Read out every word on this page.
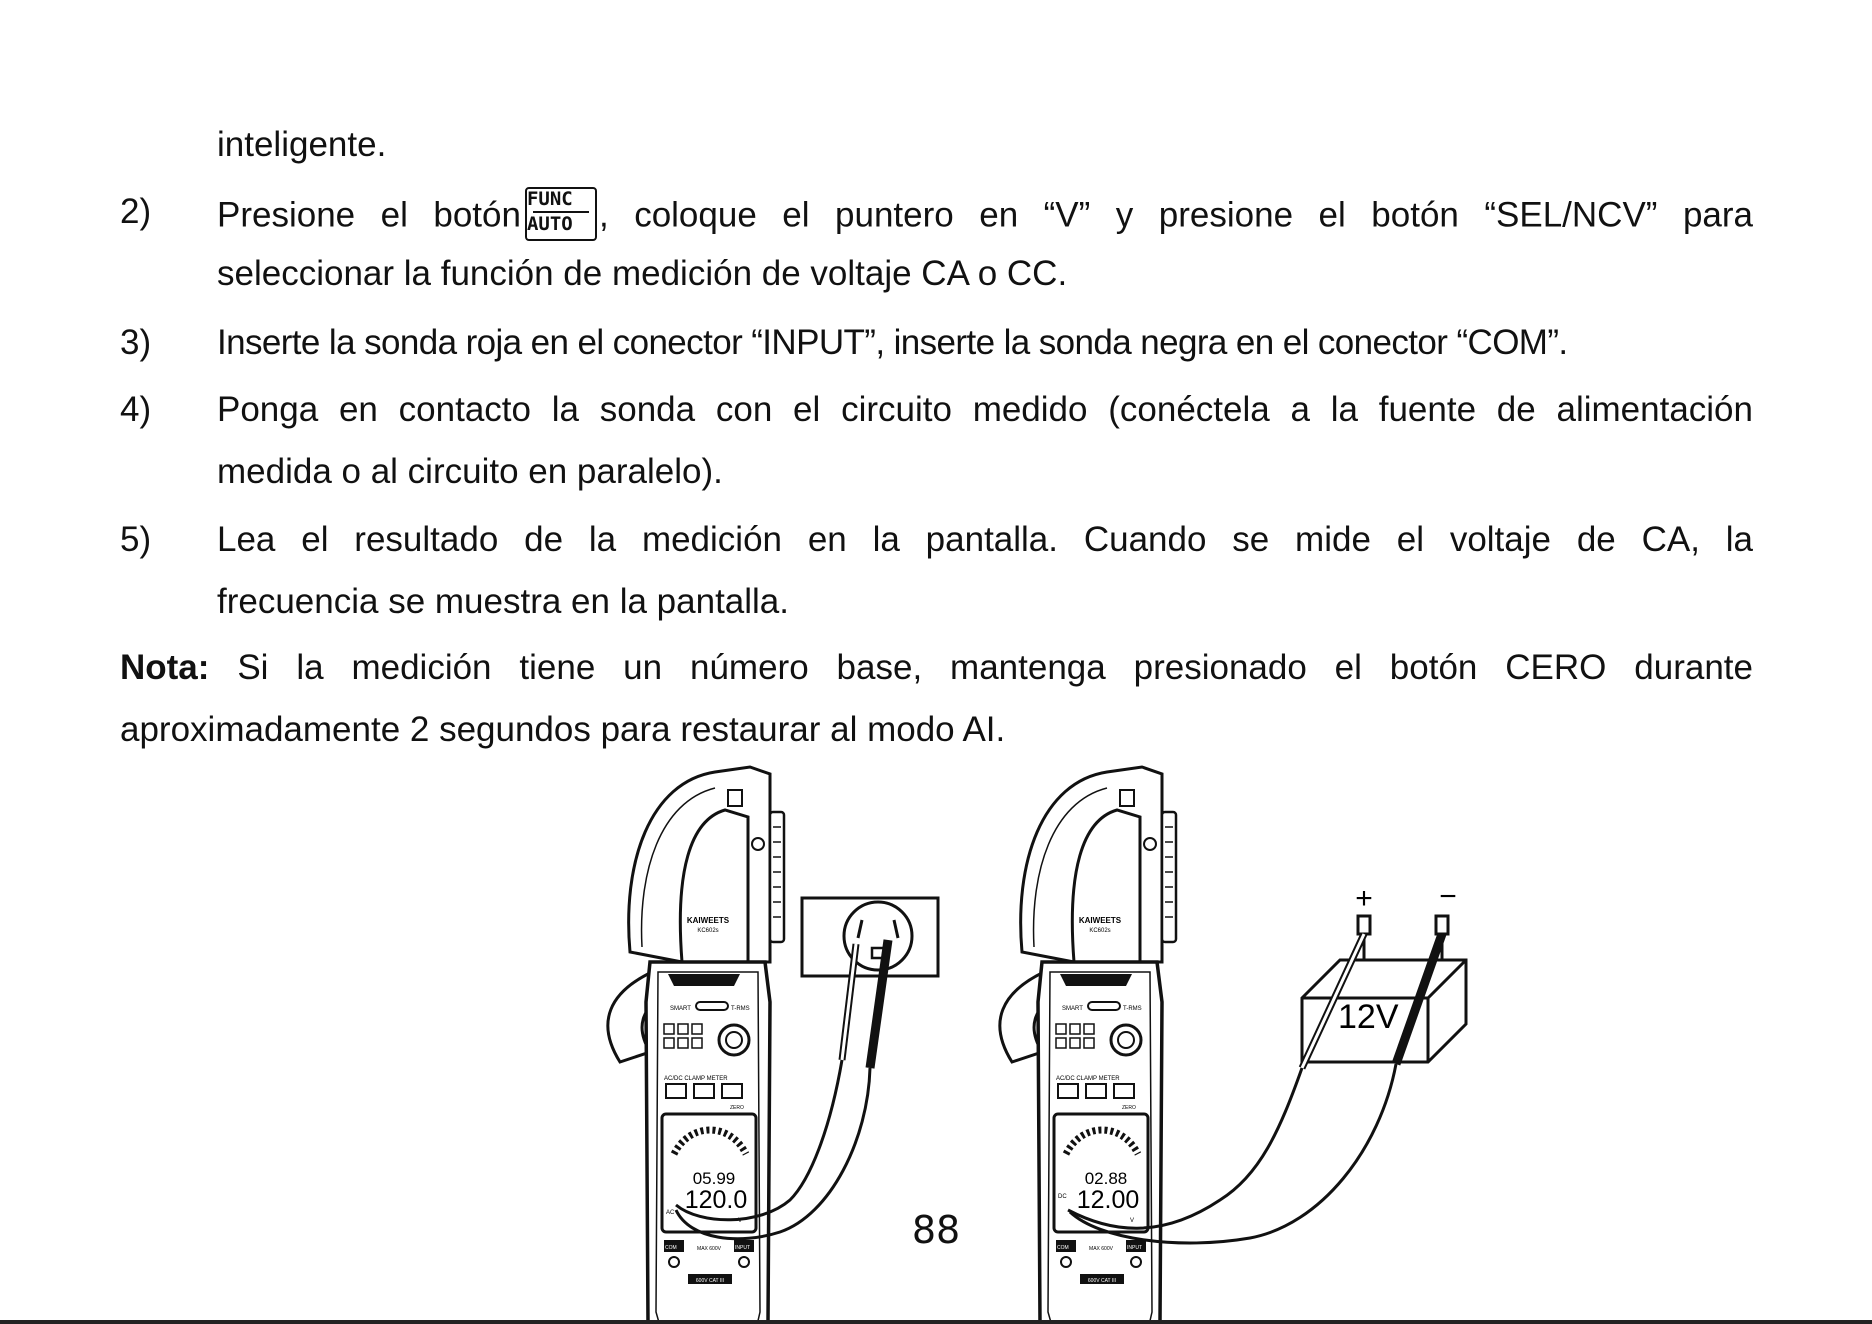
inteligente.
2) Presione el botón FUNC
AUTO , coloque el puntero en “V” y presione el botón “SEL/NCV” para
seleccionar la función de medición de voltaje CA o CC.
3) Inserte la sonda roja en el conector “INPUT”, inserte la sonda negra en el conector “COM”.
4) Ponga en contacto la sonda con el circuito medido (conéctela a la fuente de alimentación
medida o al circuito en paralelo).
5) Lea el resultado de la medición en la pantalla. Cuando se mide el voltaje de CA, la
frecuencia se muestra en la pantalla.
Nota: Si la medición tiene un número base, mantenga presionado el botón CERO durante
aproximadamente 2 segundos para restaurar al modo AI.
KAIWEETS
KC602s
SMART	T-RMS
AC/DC CLAMP METER
ZERO
05.99
120.0
V
AC
COM	INPUT
MAX 600V
600V CAT III
KAIWEETS
KC602s
SMART	T-RMS
AC/DC CLAMP METER
ZERO
02.88
12.00
V
DC
COM	INPUT
MAX 600V
600V CAT III
+ −
12V
88
